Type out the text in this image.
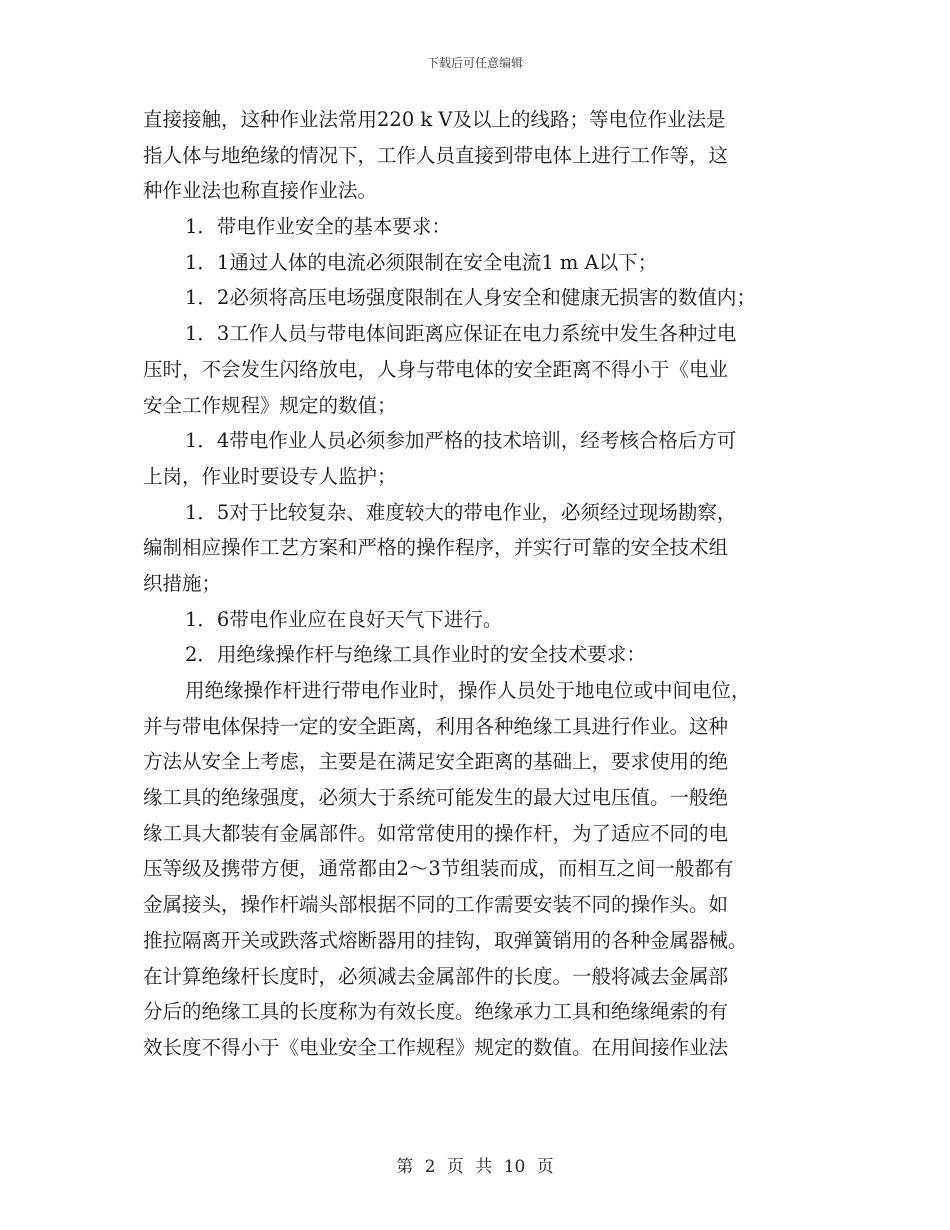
下载后可任意编辑
直接接触，这种作业法常用220 k V及以上的线路；等电位作业法是
指人体与地绝缘的情况下，工作人员直接到带电体上进行工作等，这
种作业法也称直接作业法。
1．带电作业安全的基本要求：
1．1通过人体的电流必须限制在安全电流1 m A以下；
1．2必须将高压电场强度限制在人身安全和健康无损害的数值内；
1．3工作人员与带电体间距离应保证在电力系统中发生各种过电
压时，不会发生闪络放电，人身与带电体的安全距离不得小于《电业
安全工作规程》规定的数值；
1．4带电作业人员必须参加严格的技术培训，经考核合格后方可
上岗，作业时要设专人监护；
1．5对于比较复杂、难度较大的带电作业，必须经过现场勘察，
编制相应操作工艺方案和严格的操作程序，并实行可靠的安全技术组
织措施；
1．6带电作业应在良好天气下进行。
2．用绝缘操作杆与绝缘工具作业时的安全技术要求：
用绝缘操作杆进行带电作业时，操作人员处于地电位或中间电位，
并与带电体保持一定的安全距离，利用各种绝缘工具进行作业。这种
方法从安全上考虑，主要是在满足安全距离的基础上，要求使用的绝
缘工具的绝缘强度，必须大于系统可能发生的最大过电压值。一般绝
缘工具大都装有金属部件。如常常使用的操作杆，为了适应不同的电
压等级及携带方便，通常都由2～3节组装而成，而相互之间一般都有
金属接头，操作杆端头部根据不同的工作需要安装不同的操作头。如
推拉隔离开关或跌落式熔断器用的挂钩，取弹簧销用的各种金属器械。
在计算绝缘杆长度时，必须减去金属部件的长度。一般将减去金属部
分后的绝缘工具的长度称为有效长度。绝缘承力工具和绝缘绳索的有
效长度不得小于《电业安全工作规程》规定的数值。在用间接作业法
第 2 页 共 10 页
